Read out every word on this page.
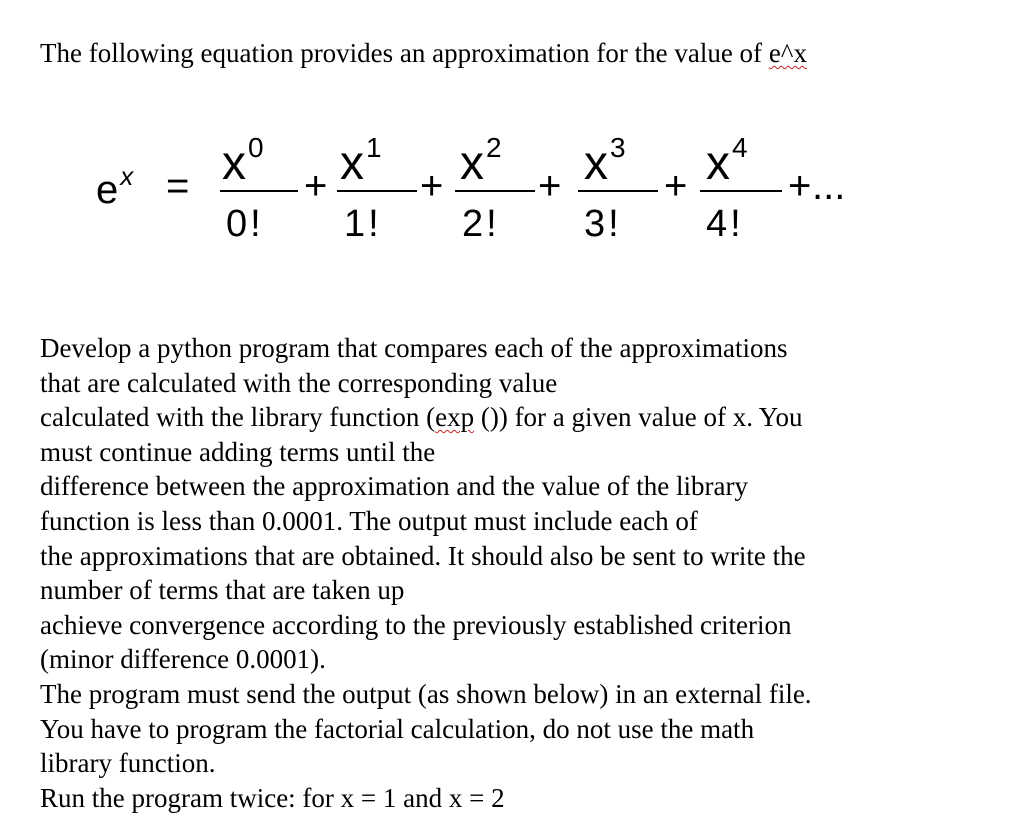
The following equation provides an approximation for the value of e^x
$e^x = x^0$
0!
+ $x^1$
1!
+ $x^2$
2!
+ $x^3$
3!
+ $x^4$
4!
+ ...
Develop a python program that compares each of the approximations
that are calculated with the corresponding value
calculated with the library function (exp ()) for a given value of x. You
must continue adding terms until the
difference between the approximation and the value of the library
function is less than 0.0001. The output must include each of
the approximations that are obtained. It should also be sent to write the
number of terms that are taken up
achieve convergence according to the previously established criterion
(minor difference 0.0001).
The program must send the output (as shown below) in an external file.
You have to program the factorial calculation, do not use the math
library function.
Run the program twice: for x = 1 and x = 2
